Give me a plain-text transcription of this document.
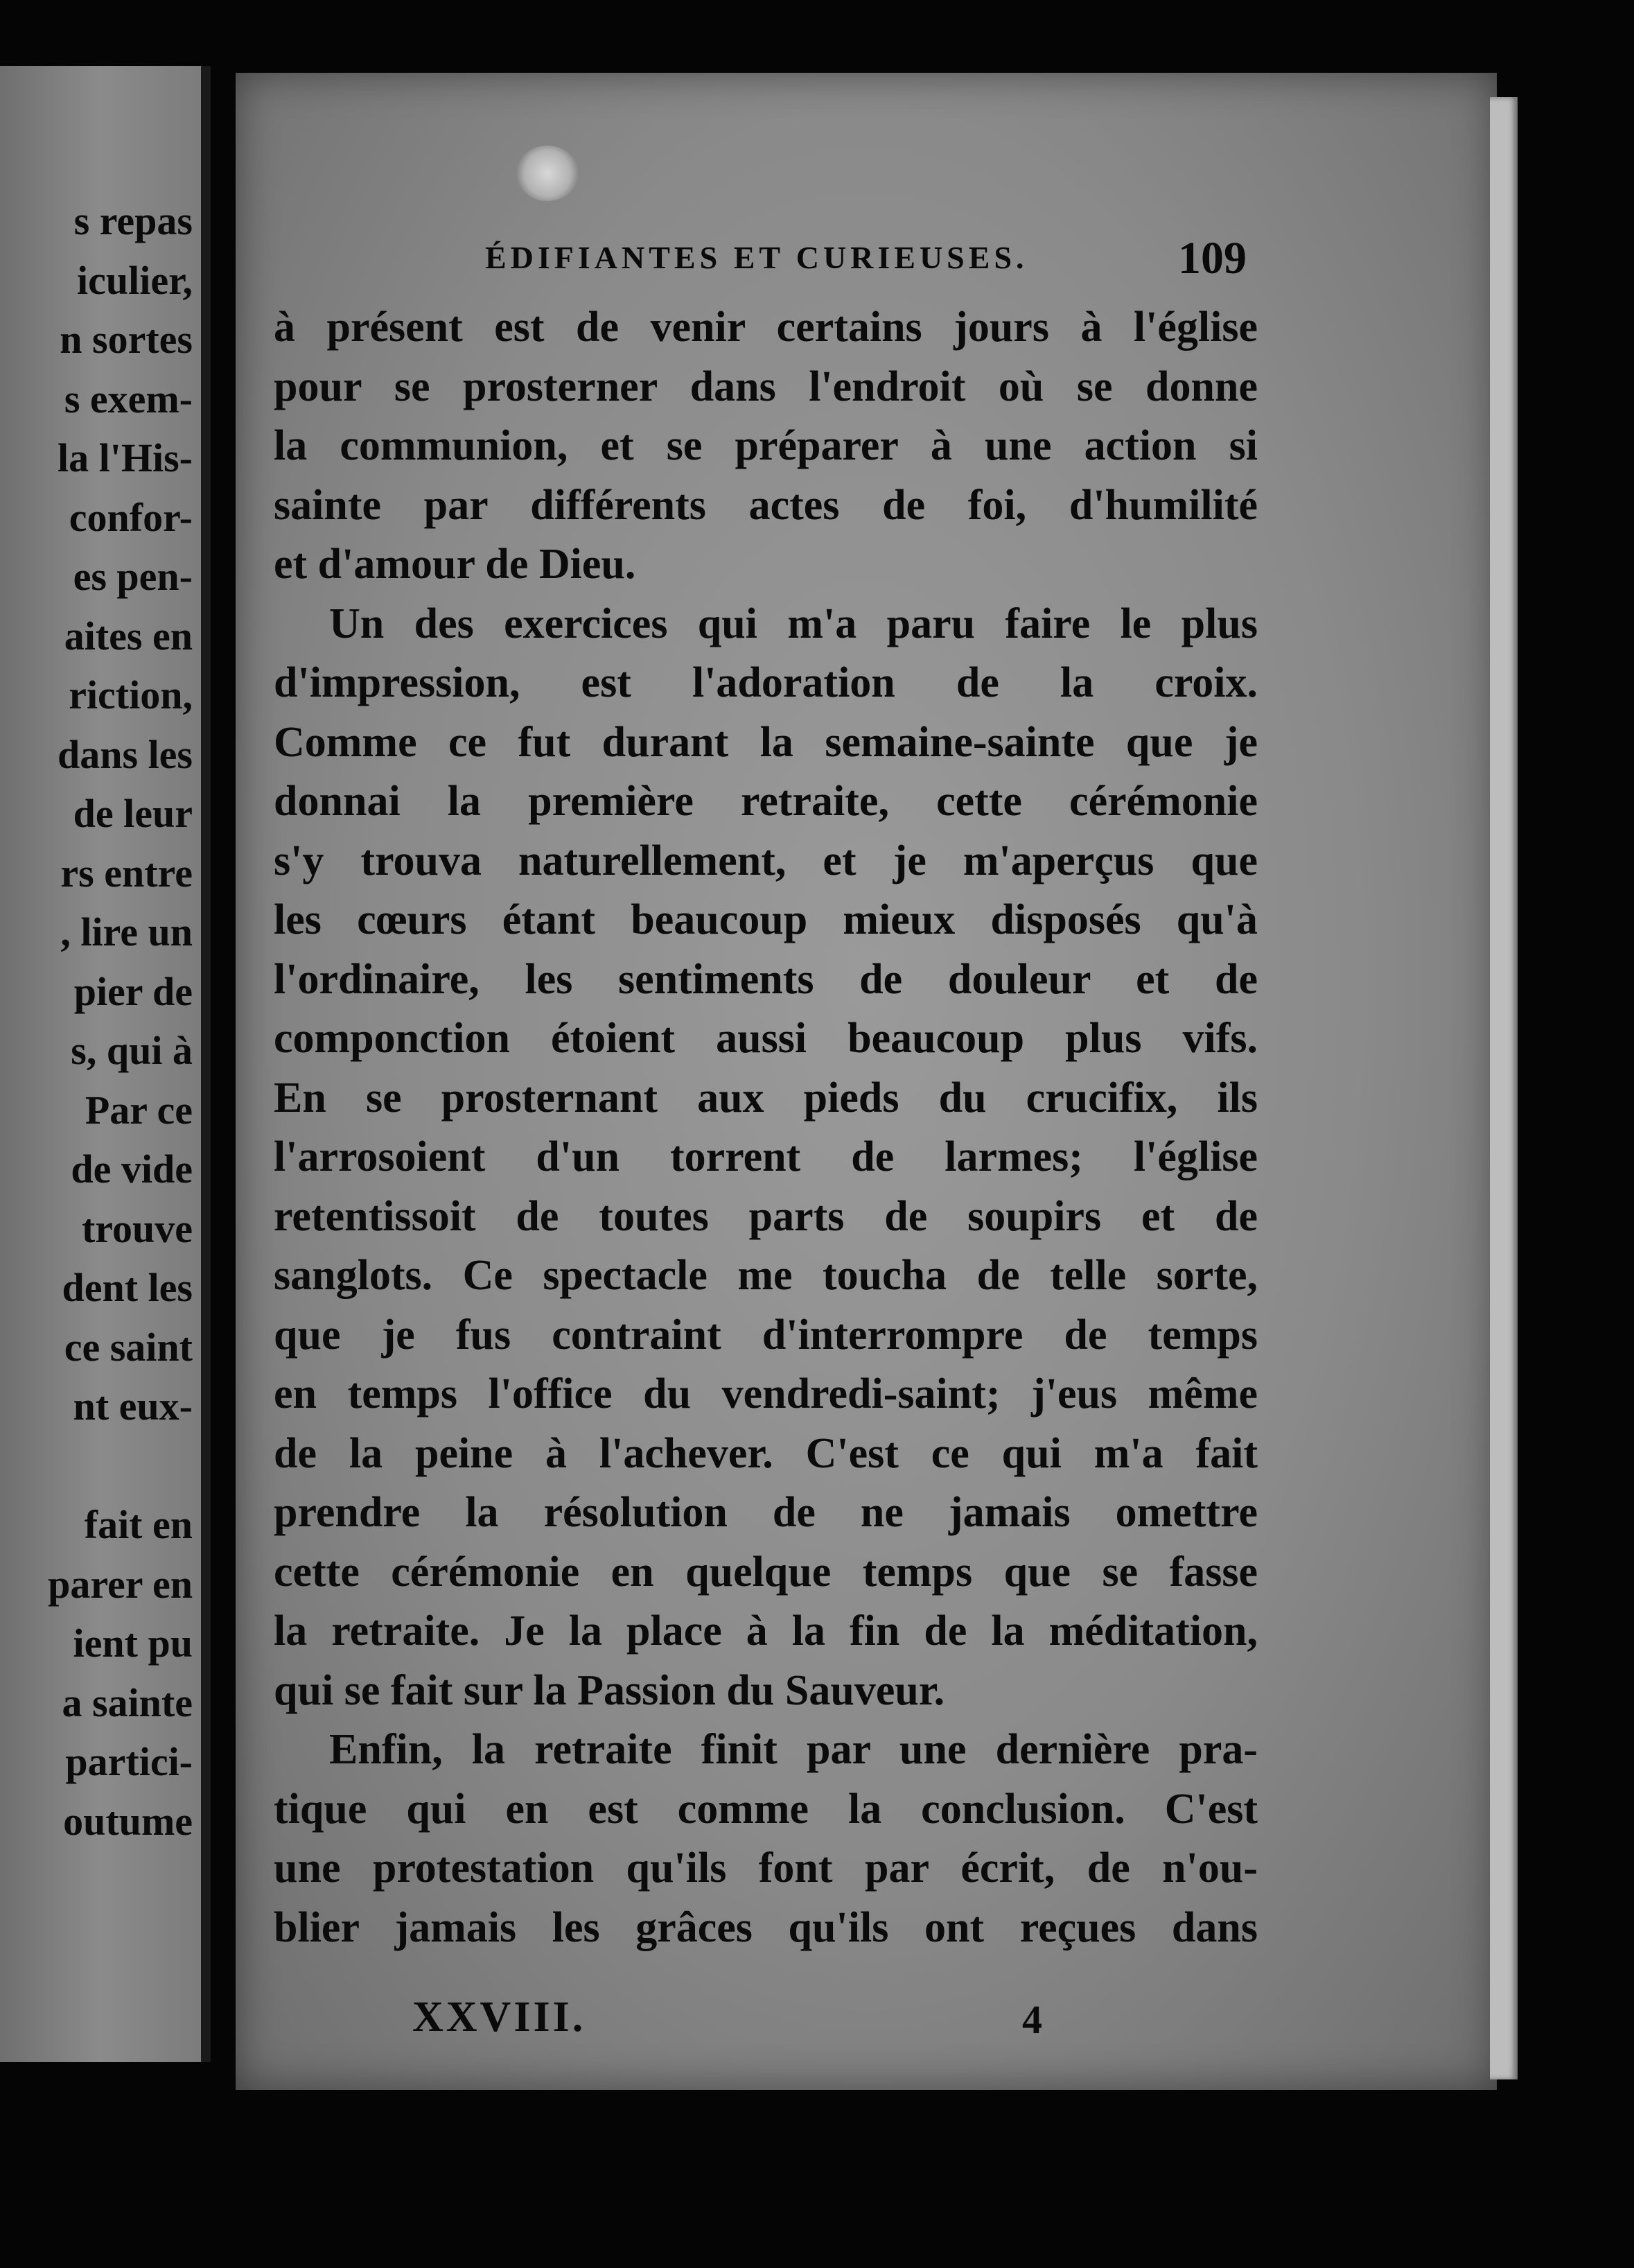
s repas
iculier,
n sortes
s exem-
la l'His-
confor-
es pen-
aites en
riction,
dans les
de leur
rs entre
, lire un
pier de
s, qui à
Par ce
de vide
trouve
dent les
ce saint
nt eux-
fait en
parer en
ient pu
a sainte
partici-
outume
ÉDIFIANTES ET CURIEUSES.	109
à présent est de venir certains jours à l'église
pour se prosterner dans l'endroit où se donne
la communion, et se préparer à une action si
sainte par différents actes de foi, d'humilité
et d'amour de Dieu.
Un des exercices qui m'a paru faire le plus
d'impression, est l'adoration de la croix.
Comme ce fut durant la semaine-sainte que je
donnai la première retraite, cette cérémonie
s'y trouva naturellement, et je m'aperçus que
les cœurs étant beaucoup mieux disposés qu'à
l'ordinaire, les sentiments de douleur et de
componction étoient aussi beaucoup plus vifs.
En se prosternant aux pieds du crucifix, ils
l'arrosoient d'un torrent de larmes; l'église
retentissoit de toutes parts de soupirs et de
sanglots. Ce spectacle me toucha de telle sorte,
que je fus contraint d'interrompre de temps
en temps l'office du vendredi-saint; j'eus même
de la peine à l'achever. C'est ce qui m'a fait
prendre la résolution de ne jamais omettre
cette cérémonie en quelque temps que se fasse
la retraite. Je la place à la fin de la méditation,
qui se fait sur la Passion du Sauveur.
Enfin, la retraite finit par une dernière pra-
tique qui en est comme la conclusion. C'est
une protestation qu'ils font par écrit, de n'ou-
blier jamais les grâces qu'ils ont reçues dans
XXVIII.	4
